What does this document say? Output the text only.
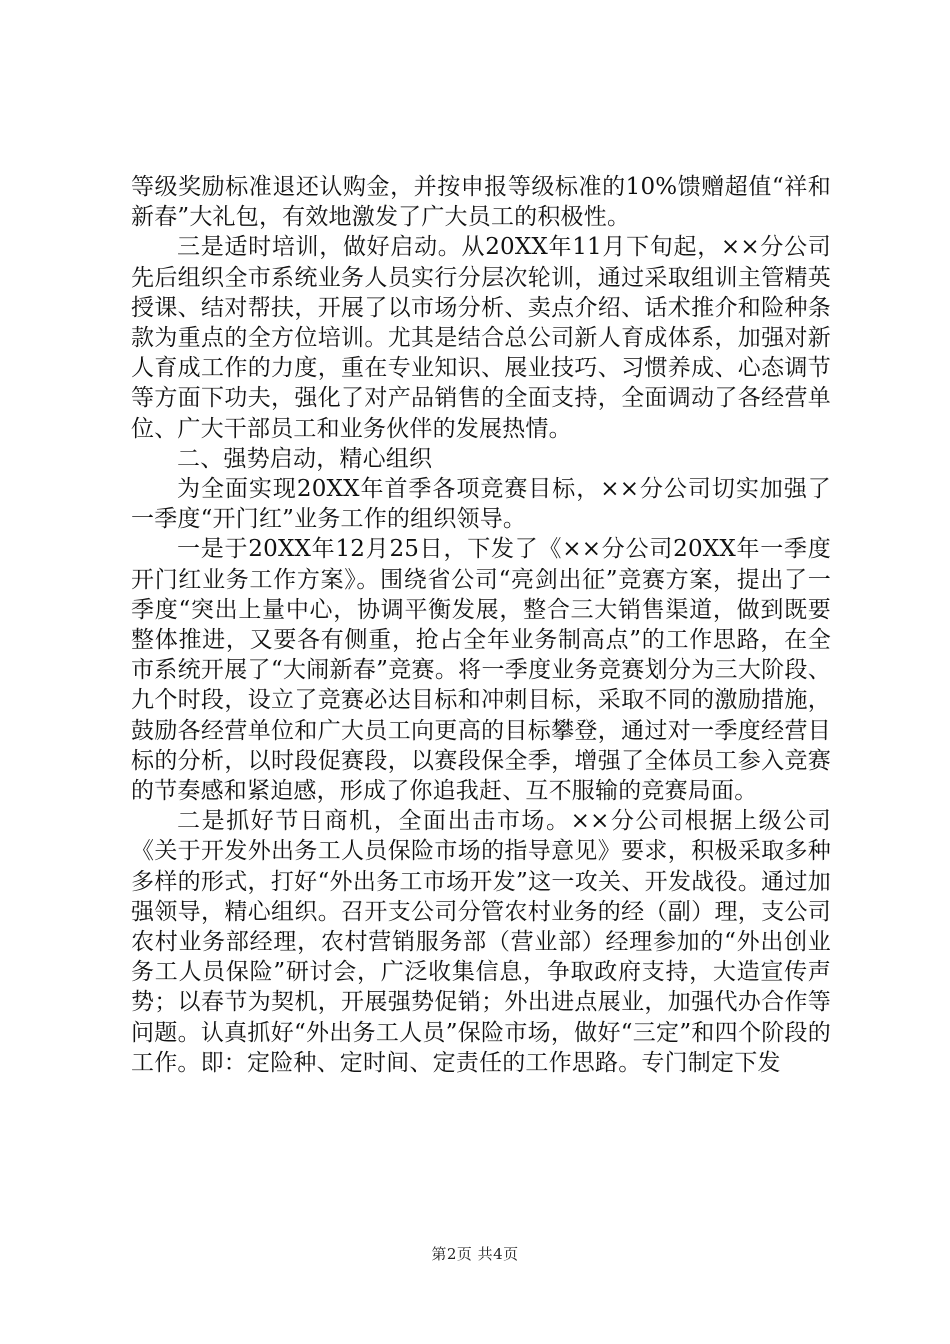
等级奖励标准退还认购金，并按申报等级标准的10%馈赠超值“祥和新春”大礼包，有效地激发了广大员工的积极性。

三是适时培训，做好启动。从20XX年11月下旬起，××分公司先后组织全市系统业务人员实行分层次轮训，通过采取组训主管精英授课、结对帮扶，开展了以市场分析、卖点介绍、话术推介和险种条款为重点的全方位培训。尤其是结合总公司新人育成体系，加强对新人育成工作的力度，重在专业知识、展业技巧、习惯养成、心态调节等方面下功夫，强化了对产品销售的全面支持，全面调动了各经营单位、广大干部员工和业务伙伴的发展热情。

二、强势启动，精心组织

为全面实现20XX年首季各项竞赛目标，××分公司切实加强了一季度“开门红”业务工作的组织领导。

一是于20XX年12月25日，下发了《××分公司20XX年一季度开门红业务工作方案》。围绕省公司“亮剑出征”竞赛方案，提出了一季度“突出上量中心，协调平衡发展，整合三大销售渠道，做到既要整体推进，又要各有侧重，抢占全年业务制高点”的工作思路，在全市系统开展了“大闹新春”竞赛。将一季度业务竞赛划分为三大阶段、九个时段，设立了竞赛必达目标和冲刺目标，采取不同的激励措施，鼓励各经营单位和广大员工向更高的目标攀登，通过对一季度经营目标的分析，以时段促赛段，以赛段保全季，增强了全体员工参入竞赛的节奏感和紧迫感，形成了你追我赶、互不服输的竞赛局面。

二是抓好节日商机，全面出击市场。××分公司根据上级公司《关于开发外出务工人员保险市场的指导意见》要求，积极采取多种多样的形式，打好“外出务工市场开发”这一攻关、开发战役。通过加强领导，精心组织。召开支公司分管农村业务的经（副）理，支公司农村业务部经理，农村营销服务部（营业部）经理参加的“外出创业务工人员保险”研讨会，广泛收集信息，争取政府支持，大造宣传声势；以春节为契机，开展强势促销；外出进点展业，加强代办合作等问题。认真抓好“外出务工人员”保险市场，做好“三定”和四个阶段的工作。即：定险种、定时间、定责任的工作思路。专门制定下发

第2页 共4页
